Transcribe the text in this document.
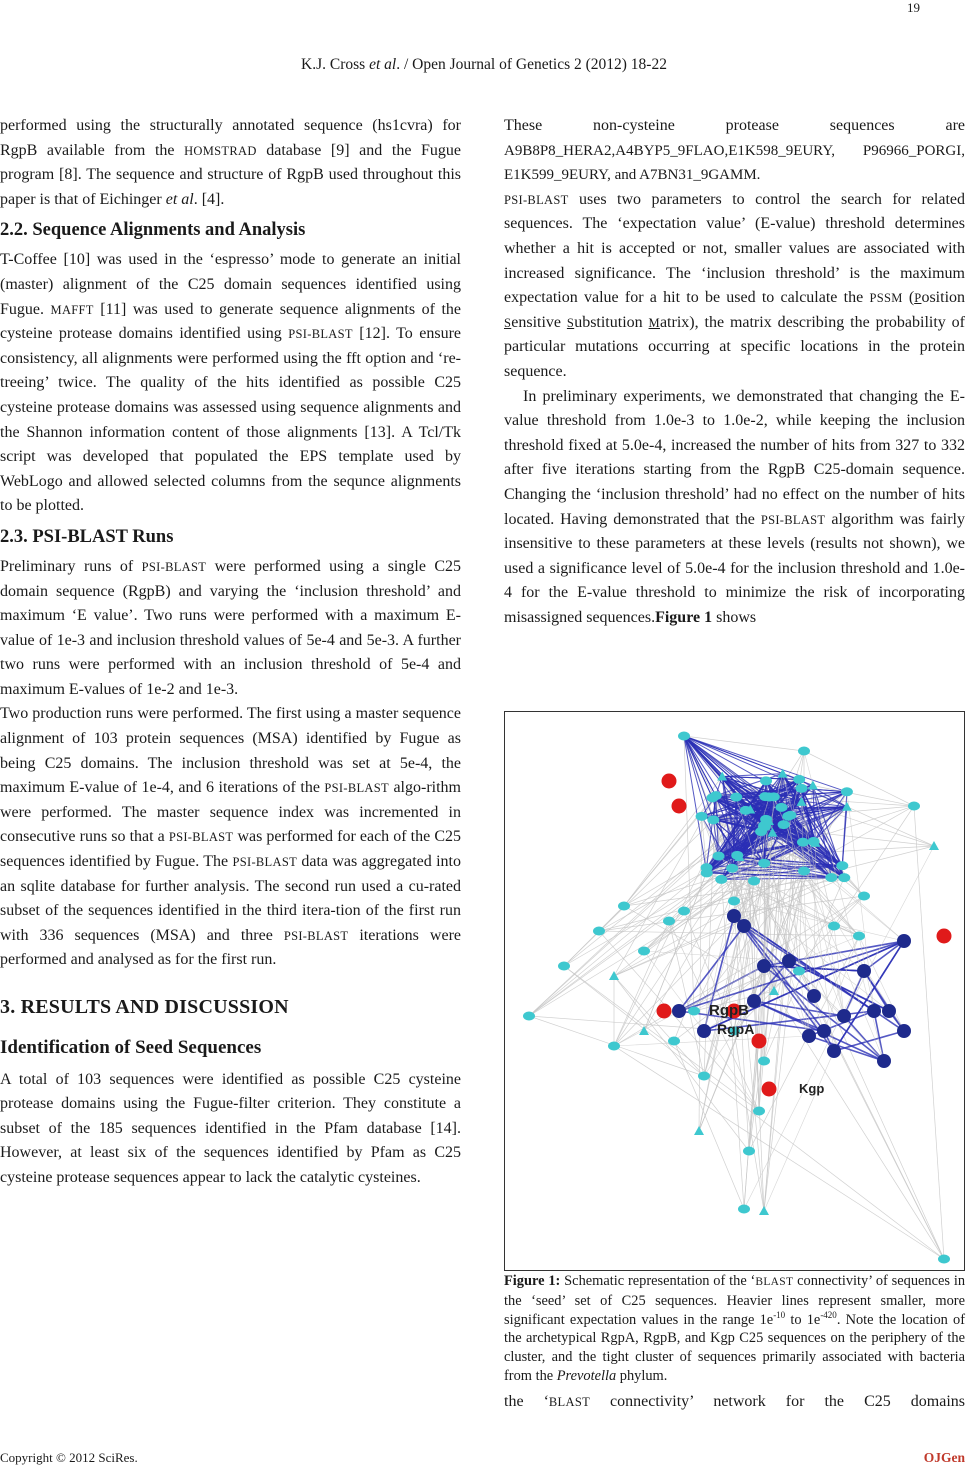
19
K.J. Cross et al. / Open Journal of Genetics 2 (2012) 18-22

performed using the structurally annotated sequence (hs1cvra) for RgpB available from the HOMSTRAD database [9] and the Fugue program [8]. The sequence and structure of RgpB used throughout this paper is that of Eichinger et al. [4].

2.2. Sequence Alignments and Analysis

T-Coffee [10] was used in the ‘espresso’ mode to generate an initial (master) alignment of the C25 domain sequences identified using Fugue. MAFFT [11] was used to generate sequence alignments of the cysteine protease domains identified using PSI-BLAST [12]. To ensure consistency, all alignments were performed using the fft option and ‘re-treeing’ twice. The quality of the hits identified as possible C25 cysteine protease domains was assessed using sequence alignments and the Shannon information content of those alignments [13]. A Tcl/Tk script was developed that populated the EPS template used by WebLogo and allowed selected columns from the sequnce alignments to be plotted.

2.3. PSI-BLAST Runs

Preliminary runs of PSI-BLAST were performed using a single C25 domain sequence (RgpB) and varying the ‘inclusion threshold’ and maximum ‘E value’. Two runs were performed with a maximum E-value of 1e-3 and inclusion threshold values of 5e-4 and 5e-3. A further two runs were performed with an inclusion threshold of 5e-4 and maximum E-values of 1e-2 and 1e-3.

Two production runs were performed. The first using a master sequence alignment of 103 protein sequences (MSA) identified by Fugue as being C25 domains. The inclusion threshold was set at 5e-4, the maximum E-value of 1e-4, and 6 iterations of the PSI-BLAST algo-rithm were performed. The master sequence index was incremented in consecutive runs so that a PSI-BLAST was performed for each of the C25 sequences identified by Fugue. The PSI-BLAST data was aggregated into an sqlite database for further analysis. The second run used a cu-rated subset of the sequences identified in the third itera-tion of the first run with 336 sequences (MSA) and three PSI-BLAST iterations were performed and analysed as for the first run.

3. RESULTS AND DISCUSSION
Identification of Seed Sequences

A total of 103 sequences were identified as possible C25 cysteine protease domains using the Fugue-filter criterion. They constitute a subset of the 185 sequences identified in the Pfam database [14]. However, at least six of the sequences identified by Pfam as C25 cysteine protease sequences appear to lack the catalytic cysteines.

These non-cysteine protease sequences are A9B8P8_HERA2,A4BYP5_9FLAO,E1K598_9EURY, P96966_PORGI, E1K599_9EURY, and A7BN31_9GAMM.

PSI-BLAST uses two parameters to control the search for related sequences. The ‘expectation value’ (E-value) threshold determines whether a hit is accepted or not, smaller values are associated with increased significance. The ‘inclusion threshold’ is the maximum expectation value for a hit to be used to calculate the PSSM (Position Sensitive Substitution Matrix), the matrix describing the probability of particular mutations occurring at specific locations in the protein sequence.

In preliminary experiments, we demonstrated that changing the E-value threshold from 1.0e-3 to 1.0e-2, while keeping the inclusion threshold fixed at 5.0e-4, increased the number of hits from 327 to 332 after five iterations starting from the RgpB C25-domain sequence. Changing the ‘inclusion threshold’ had no effect on the number of hits located. Having demonstrated that the PSI-BLAST algorithm was fairly insensitive to these parameters at these levels (results not shown), we used a significance level of 5.0e-4 for the inclusion threshold and 1.0e-4 for the E-value threshold to minimize the risk of incorporating misassigned sequences.Figure 1 shows

RgpB
RgpA
Kgp

Figure 1: Schematic representation of the ‘BLAST connectivity’ of sequences in the ‘seed’ set of C25 sequences. Heavier lines represent smaller, more significant expectation values in the range $1e^{-10}$ to $1e^{-420}$. Note the location of the archetypical RgpA, RgpB, and Kgp C25 sequences on the periphery of the cluster, and the tight cluster of sequences primarily associated with bacteria from the Prevotella phylum.

the ‘BLAST connectivity’ network for the C25 domains
Copyright © 2012 SciRes.	OJGen
